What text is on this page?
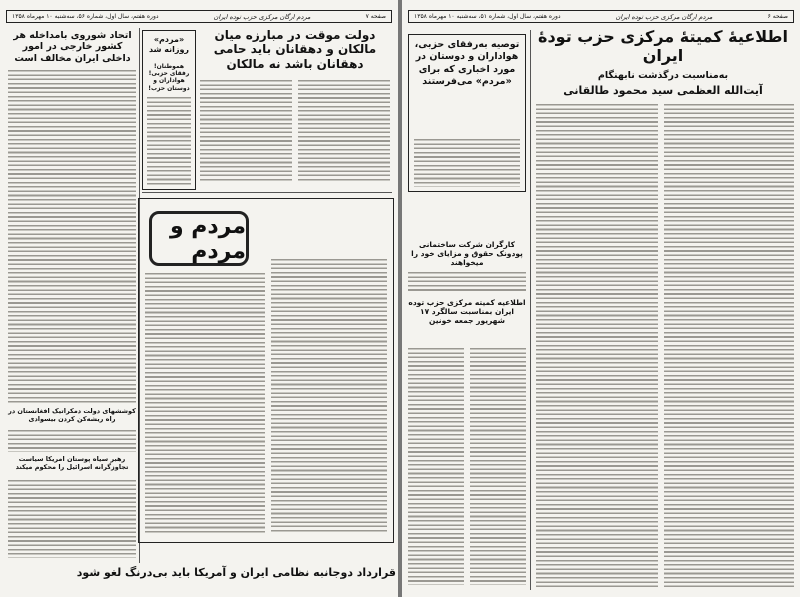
صفحه ۷
مردم ارگان مرکزی حزب توده ایران
دوره هفتم، سال اول، شماره ۵۶، سه‌شنبه ۱۰ مهرماه ۱۳۵۸
دولت موقت در مبارزه میان مالکان و دهقانان باید حامی دهقانان باشد نه مالکان
«مردم» روزانه شد
هموطنان! رفقای حزبی! هواداران و دوستان حزب!
اتحاد شوروی بامداخله هر کشور خارجی در امور داخلی ایران مخالف است
کوششهای دولت دمکراتیک افغانستان در راه ریشه‌کن کردن بیسوادی
رهبر سیاه پوستان امریکا سیاست تجاوزگرانه اسرائیل را محکوم میکند
مردم و مردم
قرارداد دوجانبه نظامی ایران و آمریکا باید بی‌درنگ لغو شود
صفحه ۶
مردم ارگان مرکزی حزب توده ایران
دوره هفتم، سال اول، شماره ۵۱، سه‌شنبه ۱۰ مهرماه ۱۳۵۸
اطلاعیهٔ کمیتهٔ مرکزی حزب تودهٔ ایران
به‌مناسبت درگذشت نابهنگام
آیت‌الله العظمی سید محمود طالقانی
توصیه به‌رفقای حزبی، هواداران و دوستان در مورد اخباری که برای «مردم» می‌فرستند
کارگران شرکت ساختمانی پودونک حقوق و مزایای خود را میخواهند
اطلاعیه کمیته مرکزی حزب توده ایران بمناسبت سالگرد ۱۷ شهریور جمعه خونین
